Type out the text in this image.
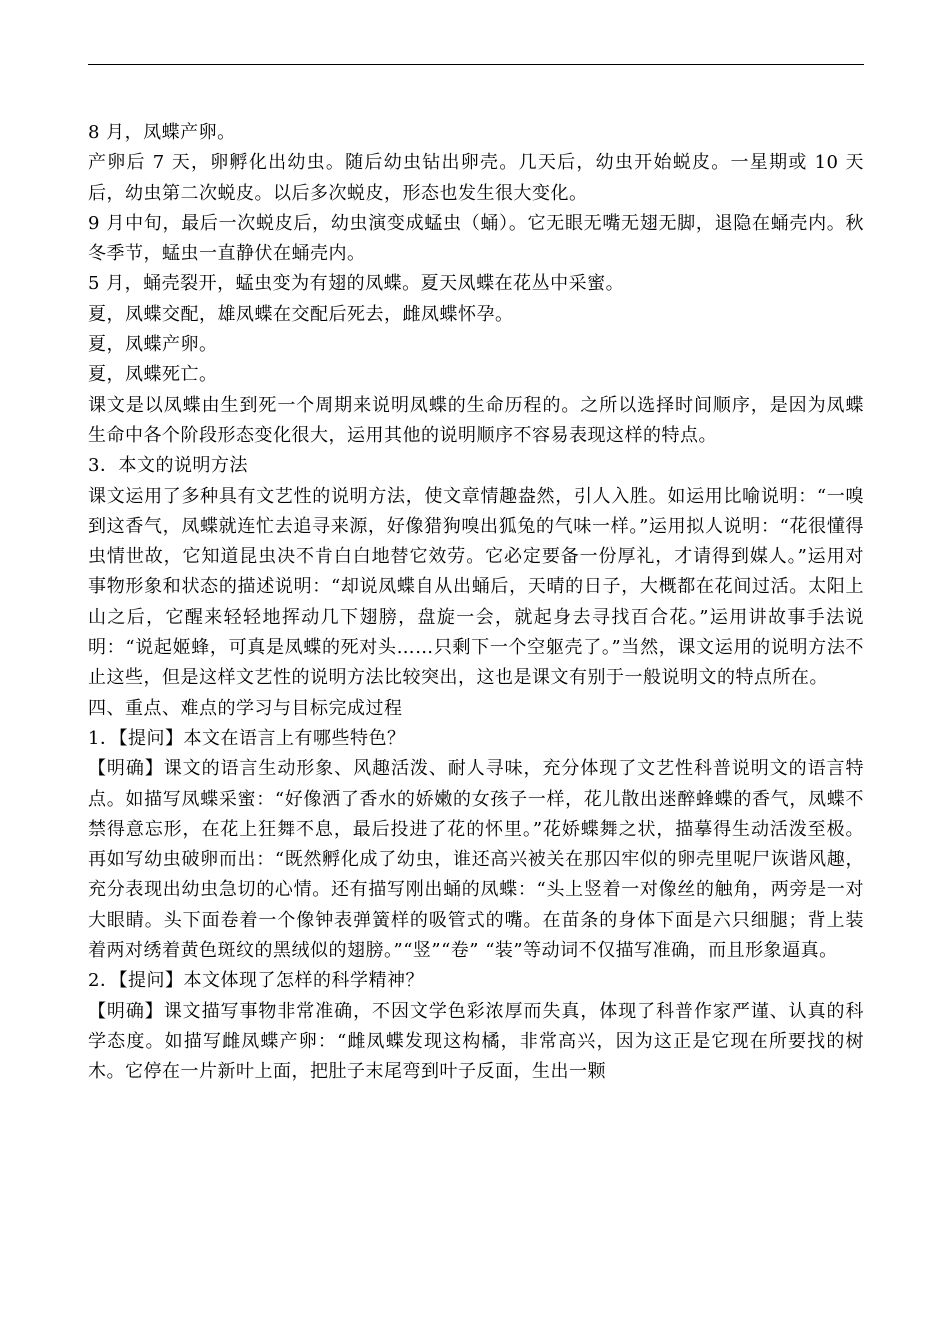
8 月，凤蝶产卵。

产卵后 7 天，卵孵化出幼虫。随后幼虫钻出卵壳。几天后，幼虫开始蜕皮。一星期或 10 天后，幼虫第二次蜕皮。以后多次蜕皮，形态也发生很大变化。

9 月中旬，最后一次蜕皮后，幼虫演变成蜢虫（蛹）。它无眼无嘴无翅无脚，退隐在蛹壳内。秋冬季节，蜢虫一直静伏在蛹壳内。

5 月，蛹壳裂开，蜢虫变为有翅的凤蝶。夏天凤蝶在花丛中采蜜。

夏，凤蝶交配，雄凤蝶在交配后死去，雌凤蝶怀孕。

夏，凤蝶产卵。

夏，凤蝶死亡。

课文是以凤蝶由生到死一个周期来说明凤蝶的生命历程的。之所以选择时间顺序，是因为凤蝶生命中各个阶段形态变化很大，运用其他的说明顺序不容易表现这样的特点。

3．本文的说明方法

课文运用了多种具有文艺性的说明方法，使文章情趣盎然，引人入胜。如运用比喻说明：“一嗅到这香气，凤蝶就连忙去追寻来源，好像猎狗嗅出狐兔的气味一样。”运用拟人说明：“花很懂得虫情世故，它知道昆虫决不肯白白地替它效劳。它必定要备一份厚礼，才请得到媒人。”运用对事物形象和状态的描述说明：“却说凤蝶自从出蛹后，天晴的日子，大概都在花间过活。太阳上山之后，它醒来轻轻地挥动几下翅膀，盘旋一会，就起身去寻找百合花。”运用讲故事手法说明：“说起姬蜂，可真是凤蝶的死对头……只剩下一个空躯壳了。”当然，课文运用的说明方法不止这些，但是这样文艺性的说明方法比较突出，这也是课文有别于一般说明文的特点所在。

四、重点、难点的学习与目标完成过程

1．【提问】本文在语言上有哪些特色？

【明确】课文的语言生动形象、风趣活泼、耐人寻味，充分体现了文艺性科普说明文的语言特点。如描写凤蝶采蜜：“好像洒了香水的娇嫩的女孩子一样，花儿散出迷醉蜂蝶的香气，凤蝶不禁得意忘形，在花上狂舞不息，最后投进了花的怀里。”花娇蝶舞之状，描摹得生动活泼至极。再如写幼虫破卵而出：“既然孵化成了幼虫，谁还高兴被关在那囚牢似的卵壳里呢尸诙谐风趣，充分表现出幼虫急切的心情。还有描写刚出蛹的凤蝶：“头上竖着一对像丝的触角，两旁是一对大眼睛。头下面卷着一个像钟表弹簧样的吸管式的嘴。在苗条的身体下面是六只细腿；背上装着两对绣着黄色斑纹的黑绒似的翅膀。”“竖”“卷” “装”等动词不仅描写准确，而且形象逼真。

2．【提问】本文体现了怎样的科学精神？

【明确】课文描写事物非常准确，不因文学色彩浓厚而失真，体现了科普作家严谨、认真的科学态度。如描写雌凤蝶产卵：“雌凤蝶发现这构橘，非常高兴，因为这正是它现在所要找的树木。它停在一片新叶上面，把肚子末尾弯到叶子反面，生出一颗
